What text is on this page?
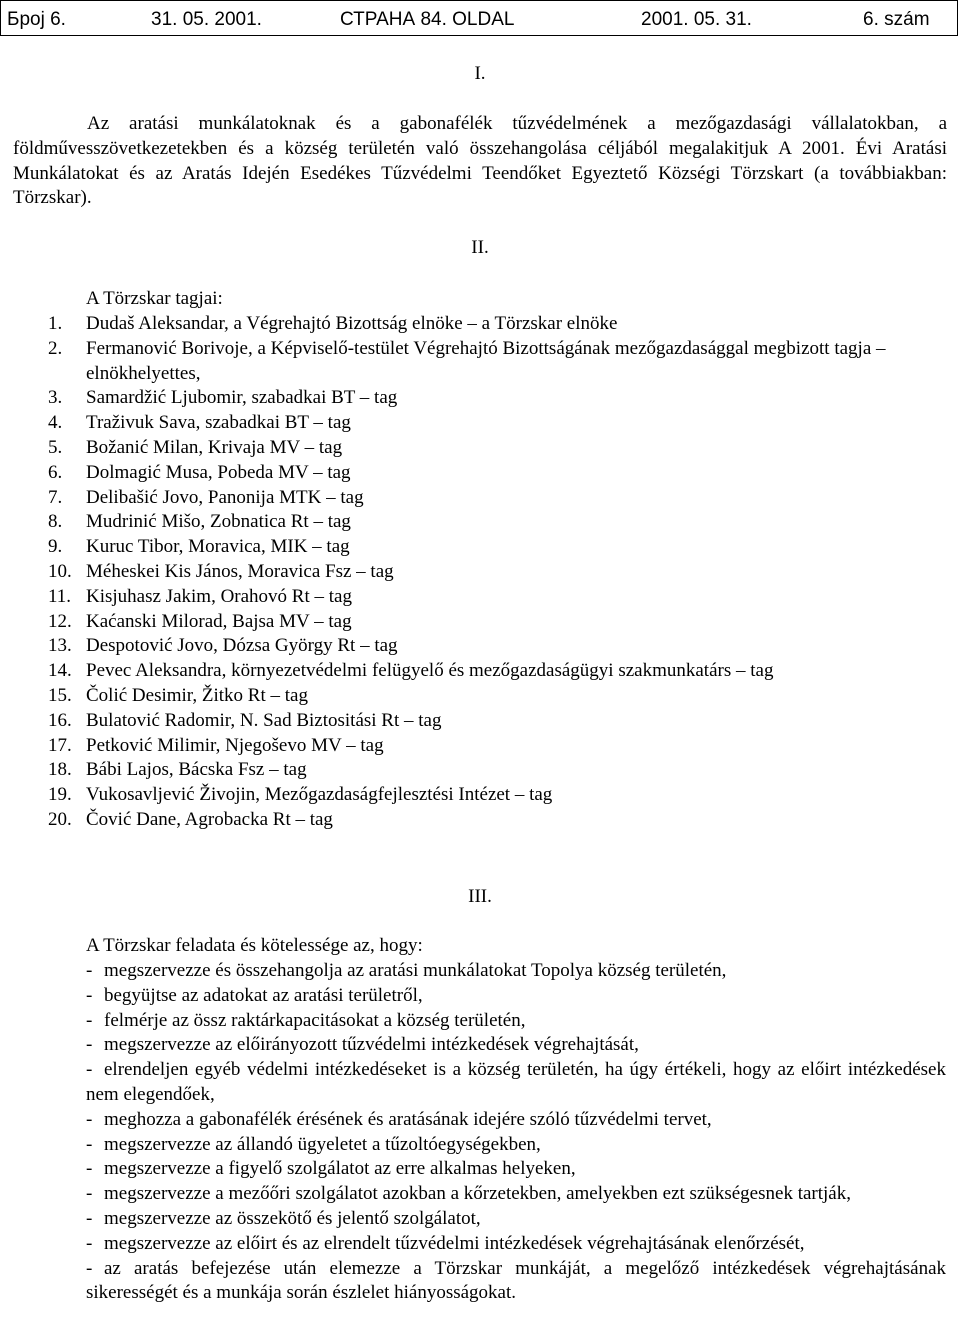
Број 6.	31. 05. 2001.	СТРАНА 84. OLDAL	2001. 05. 31.	6. szám
I.
Az aratási munkálatoknak és a gabonafélék tűzvédelmének a mezőgazdasági vállalatokban, a földművesszövetkezetekben és a község területén való összehangolása céljából megalakitjuk A 2001. Évi Aratási Munkálatokat és az Aratás Idején Esedékes Tűzvédelmi Teendőket Egyeztető Községi Törzskart (a továbbiakban: Törzskar).
II.
A Törzskar tagjai:
1. Dudaš Aleksandar, a Végrehajtó Bizottság elnöke – a Törzskar elnöke
2. Fermanović Borivoje, a Képviselő-testület Végrehajtó Bizottságának mezőgazdasággal megbizott tagja – elnökhelyettes,
3. Samardžić Ljubomir, szabadkai BT – tag
4. Traživuk Sava, szabadkai BT – tag
5. Božanić Milan, Krivaja MV – tag
6. Dolmagić Musa, Pobeda MV – tag
7. Delibašić Jovo, Panonija MTK – tag
8. Mudrinić Mišo, Zobnatica Rt – tag
9. Kuruc Tibor, Moravica, MIK – tag
10. Méheskei Kis János, Moravica Fsz – tag
11. Kisjuhasz Jakim, Orahovó Rt – tag
12. Kaćanski Milorad, Bajsa MV – tag
13. Despotović Jovo, Dózsa György Rt – tag
14. Pevec Aleksandra, környezetvédelmi felügyelő és mezőgazdaságügyi szakmunkatárs – tag
15. Čolić Desimir, Žitko Rt – tag
16. Bulatović Radomir, N. Sad Biztositási Rt – tag
17. Petković Milimir, Njegoševo MV – tag
18. Bábi Lajos, Bácska Fsz – tag
19. Vukosavljević Živojin, Mezőgazdaságfejlesztési Intézet – tag
20. Čović Dane, Agrobacka Rt – tag
III.
A Törzskar feladata és kötelessége az, hogy:
- megszervezze és összehangolja az aratási munkálatokat Topolya község területén,
- begyüjtse az adatokat az aratási területről,
- felmérje az össz raktárkapacitásokat a község területén,
- megszervezze az előirányozott tűzvédelmi intézkedések végrehajtását,
- elrendeljen egyéb védelmi intézkedéseket is a község területén, ha úgy értékeli, hogy az előirt intézkedések nem elegendőek,
- meghozza a gabonafélék érésének és aratásának idejére szóló tűzvédelmi tervet,
- megszervezze az állandó ügyeletet a tűzoltóegységekben,
- megszervezze a figyelő szolgálatot az erre alkalmas helyeken,
- megszervezze a mezőőri szolgálatot azokban a kőrzetekben, amelyekben ezt szükségesnek tartják,
- megszervezze az összekötő és jelentő szolgálatot,
- megszervezze az előirt és az elrendelt tűzvédelmi intézkedések végrehajtásának elenőrzését,
- az aratás befejezése után elemezze a Törzskar munkáját, a megelőző intézkedések végrehajtásának sikerességét és a munkája során észlelet hiányosságokat.
